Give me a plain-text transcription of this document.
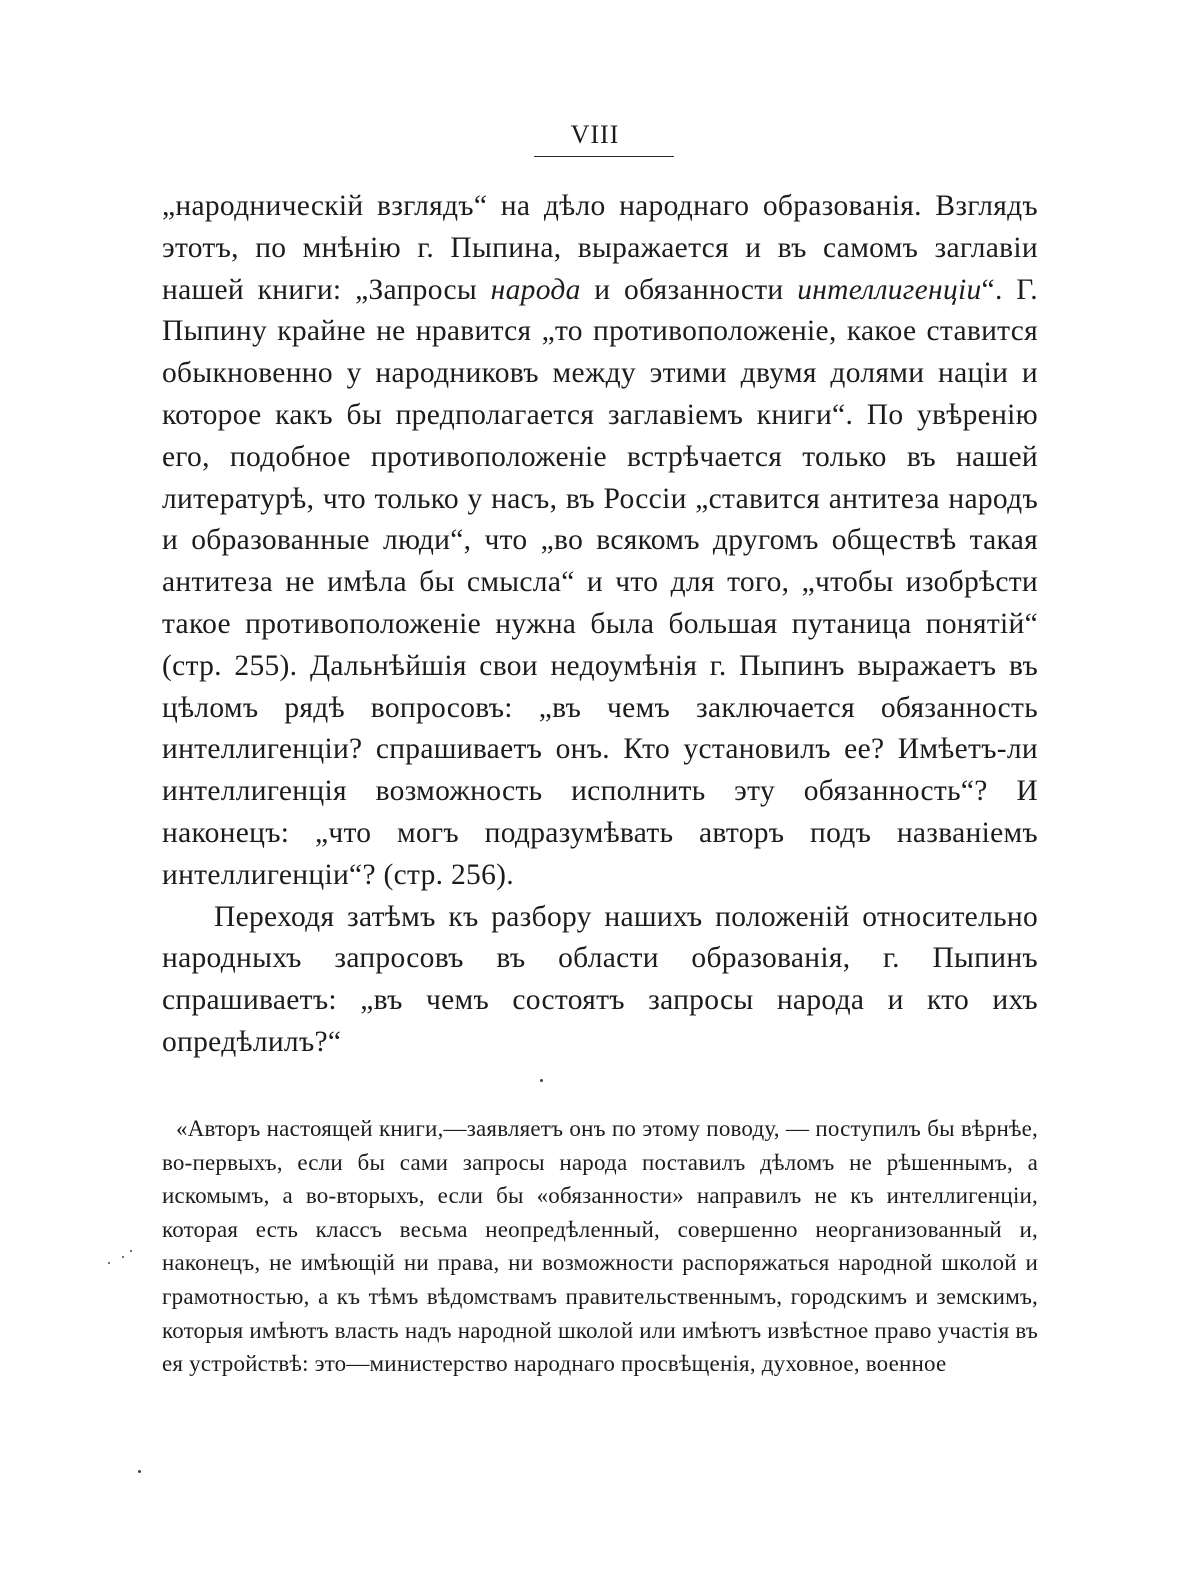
VIII

„народническій взглядъ“ на дѣло народнаго образованія. Взглядъ этотъ, по мнѣнію г. Пыпина, выражается и въ самомъ заглавіи нашей книги: „Запросы народа и обязанности интеллигенціи“. Г. Пыпину крайне не нравится „то противоположеніе, какое ставится обыкновенно у народниковъ между этими двумя долями націи и которое какъ бы предполагается заглавіемъ книги“. По увѣренію его, подобное противоположеніе встрѣчается только въ нашей литературѣ, что только у насъ, въ Россіи „ставится антитеза народъ и образованные люди“, что „во всякомъ другомъ обществѣ такая антитеза не имѣла бы смысла“ и что для того, „чтобы изобрѣсти такое противоположеніе нужна была большая путаница понятій“ (стр. 255). Дальнѣйшія свои недоумѣнія г. Пыпинъ выражаетъ въ цѣломъ рядѣ вопросовъ: „въ чемъ заключается обязанность интеллигенціи? спрашиваетъ онъ. Кто установилъ ее? Имѣетъ-ли интеллигенція возможность исполнить эту обязанность“? И наконецъ: „что могъ подразумѣвать авторъ подъ названіемъ интеллигенціи“? (стр. 256).

Переходя затѣмъ къ разбору нашихъ положеній относительно народныхъ запросовъ въ области образованія, г. Пыпинъ спрашиваетъ: „въ чемъ состоятъ запросы народа и кто ихъ опредѣлилъ?“

«Авторъ настоящей книги,—заявляетъ онъ по этому поводу, — поступилъ бы вѣрнѣе, во-первыхъ, если бы сами запросы народа поставилъ дѣломъ не рѣшеннымъ, а искомымъ, а во-вторыхъ, если бы «обязанности» направилъ не къ интеллигенціи, которая есть классъ весьма неопредѣленный, совершенно неорганизованный и, наконецъ, не имѣющій ни права, ни возможности распоряжаться народной школой и грамотностью, а къ тѣмъ вѣдомствамъ правительственнымъ, городскимъ и земскимъ, которыя имѣютъ власть надъ народной школой или имѣютъ извѣстное право участія въ ея устройствѣ: это—министерство народнаго просвѣщенія, духовное, военное
